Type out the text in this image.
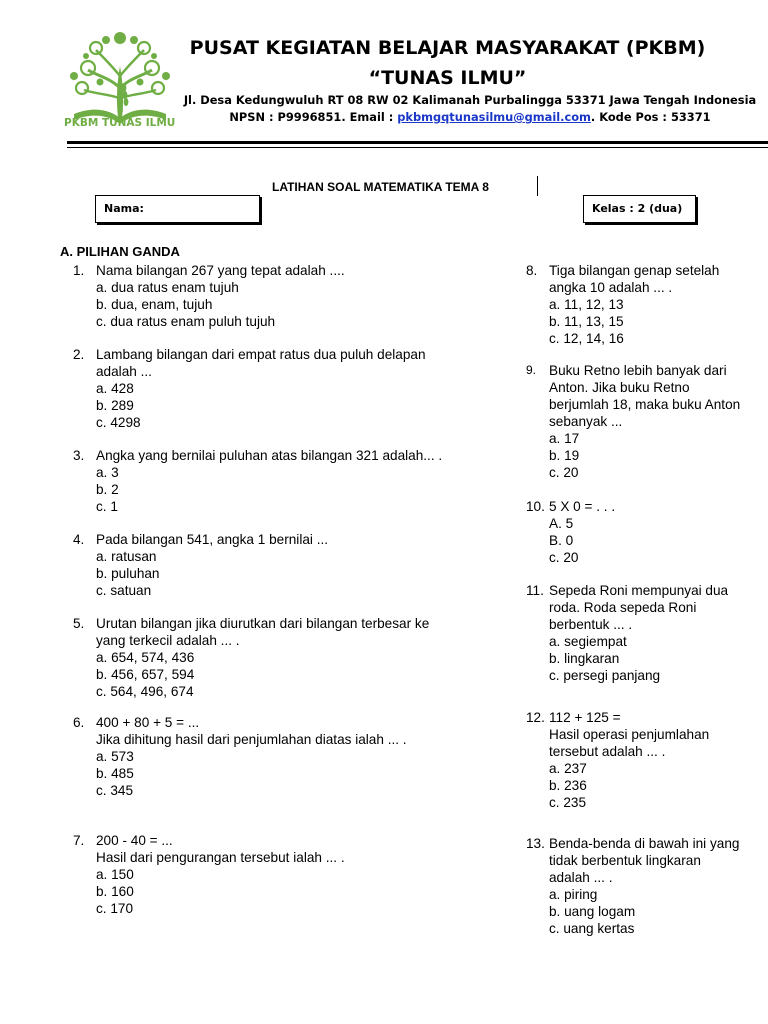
PKBM TUNAS ILMU
PUSAT KEGIATAN BELAJAR MASYARAKAT (PKBM)
“TUNAS ILMU”
Jl. Desa Kedungwuluh RT 08 RW 02 Kalimanah Purbalingga 53371 Jawa Tengah Indonesia
NPSN : P9996851. Email : pkbmgqtunasilmu@gmail.com. Kode Pos : 53371
LATIHAN SOAL MATEMATIKA TEMA 8
Nama:	Kelas : 2 (dua)
A. PILIHAN GANDA
1. Nama bilangan 267 yang tepat adalah ....
a. dua ratus enam tujuh
b. dua, enam, tujuh
c. dua ratus enam puluh tujuh
2. Lambang bilangan dari empat ratus dua puluh delapan
adalah ...
a. 428
b. 289
c. 4298
3. Angka yang bernilai puluhan atas bilangan 321 adalah... .
a. 3
b. 2
c. 1
4. Pada bilangan 541, angka 1 bernilai ...
a. ratusan
b. puluhan
c. satuan
5. Urutan bilangan jika diurutkan dari bilangan terbesar ke
yang terkecil adalah ... .
a. 654, 574, 436
b. 456, 657, 594
c. 564, 496, 674
6. 400 + 80 + 5 = ...
Jika dihitung hasil dari penjumlahan diatas ialah ... .
a. 573
b. 485
c. 345
7. 200 - 40 = ...
Hasil dari pengurangan tersebut ialah ... .
a. 150
b. 160
c. 170
8. Tiga bilangan genap setelah
angka 10 adalah ... .
a. 11, 12, 13
b. 11, 13, 15
c. 12, 14, 16
9. Buku Retno lebih banyak dari
Anton. Jika buku Retno
berjumlah 18, maka buku Anton
sebanyak ...
a. 17
b. 19
c. 20
10. 5 X 0 = . . .
A. 5
B. 0
c. 20
11. Sepeda Roni mempunyai dua
roda. Roda sepeda Roni
berbentuk ... .
a. segiempat
b. lingkaran
c. persegi panjang
12. 112 + 125 =
Hasil operasi penjumlahan
tersebut adalah ... .
a. 237
b. 236
c. 235
13. Benda-benda di bawah ini yang
tidak berbentuk lingkaran
adalah ... .
a. piring
b. uang logam
c. uang kertas
